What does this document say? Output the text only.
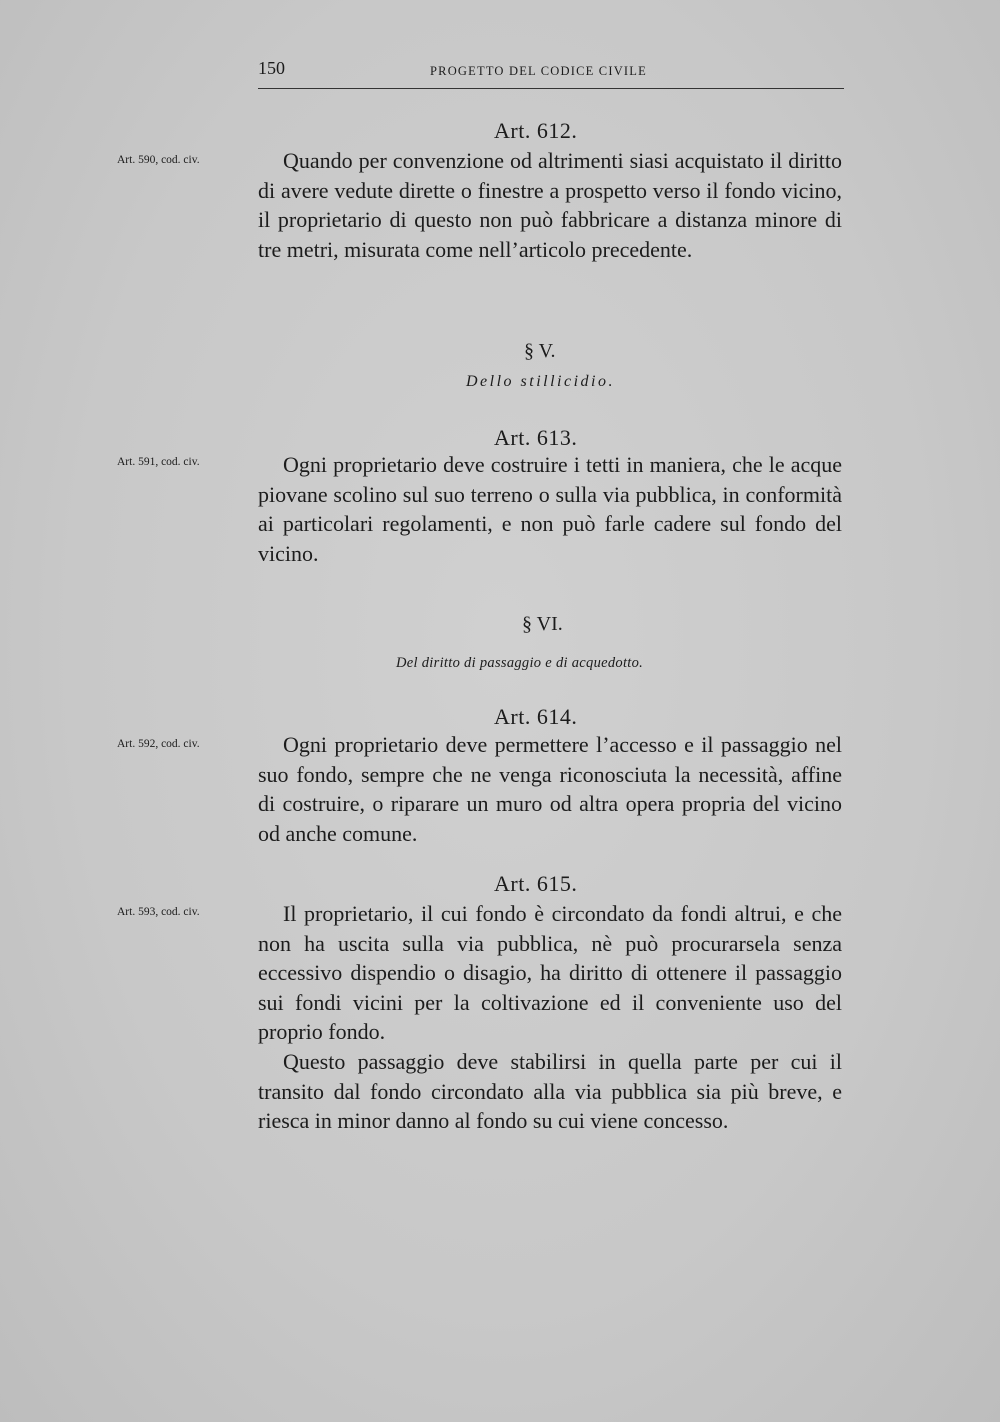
150	PROGETTO DEL CODICE CIVILE
Art. 612.
Art. 590, cod. civ.	Quando per convenzione od altrimenti siasi acquistato il diritto di avere vedute dirette o finestre a prospetto verso il fondo vicino, il proprietario di questo non può fabbricare a distanza minore di tre metri, misurata come nell’articolo precedente.

§ V.
Dello stillicidio.
Art. 613.
Art. 591, cod. civ.	Ogni proprietario deve costruire i tetti in maniera, che le acque piovane scolino sul suo terreno o sulla via pubblica, in conformità ai particolari regolamenti, e non può farle cadere sul fondo del vicino.

§ VI.
Del diritto di passaggio e di acquedotto.
Art. 614.
Art. 592, cod. civ.	Ogni proprietario deve permettere l’accesso e il passaggio nel suo fondo, sempre che ne venga riconosciuta la necessità, affine di costruire, o riparare un muro od altra opera propria del vicino od anche comune.

Art. 615.
Art. 593, cod. civ.	Il proprietario, il cui fondo è circondato da fondi altrui, e che non ha uscita sulla via pubblica, nè può procurarsela senza eccessivo dispendio o disagio, ha diritto di ottenere il passaggio sui fondi vicini per la coltivazione ed il conveniente uso del proprio fondo.

Questo passaggio deve stabilirsi in quella parte per cui il transito dal fondo circondato alla via pubblica sia più breve, e riesca in minor danno al fondo su cui viene concesso.
